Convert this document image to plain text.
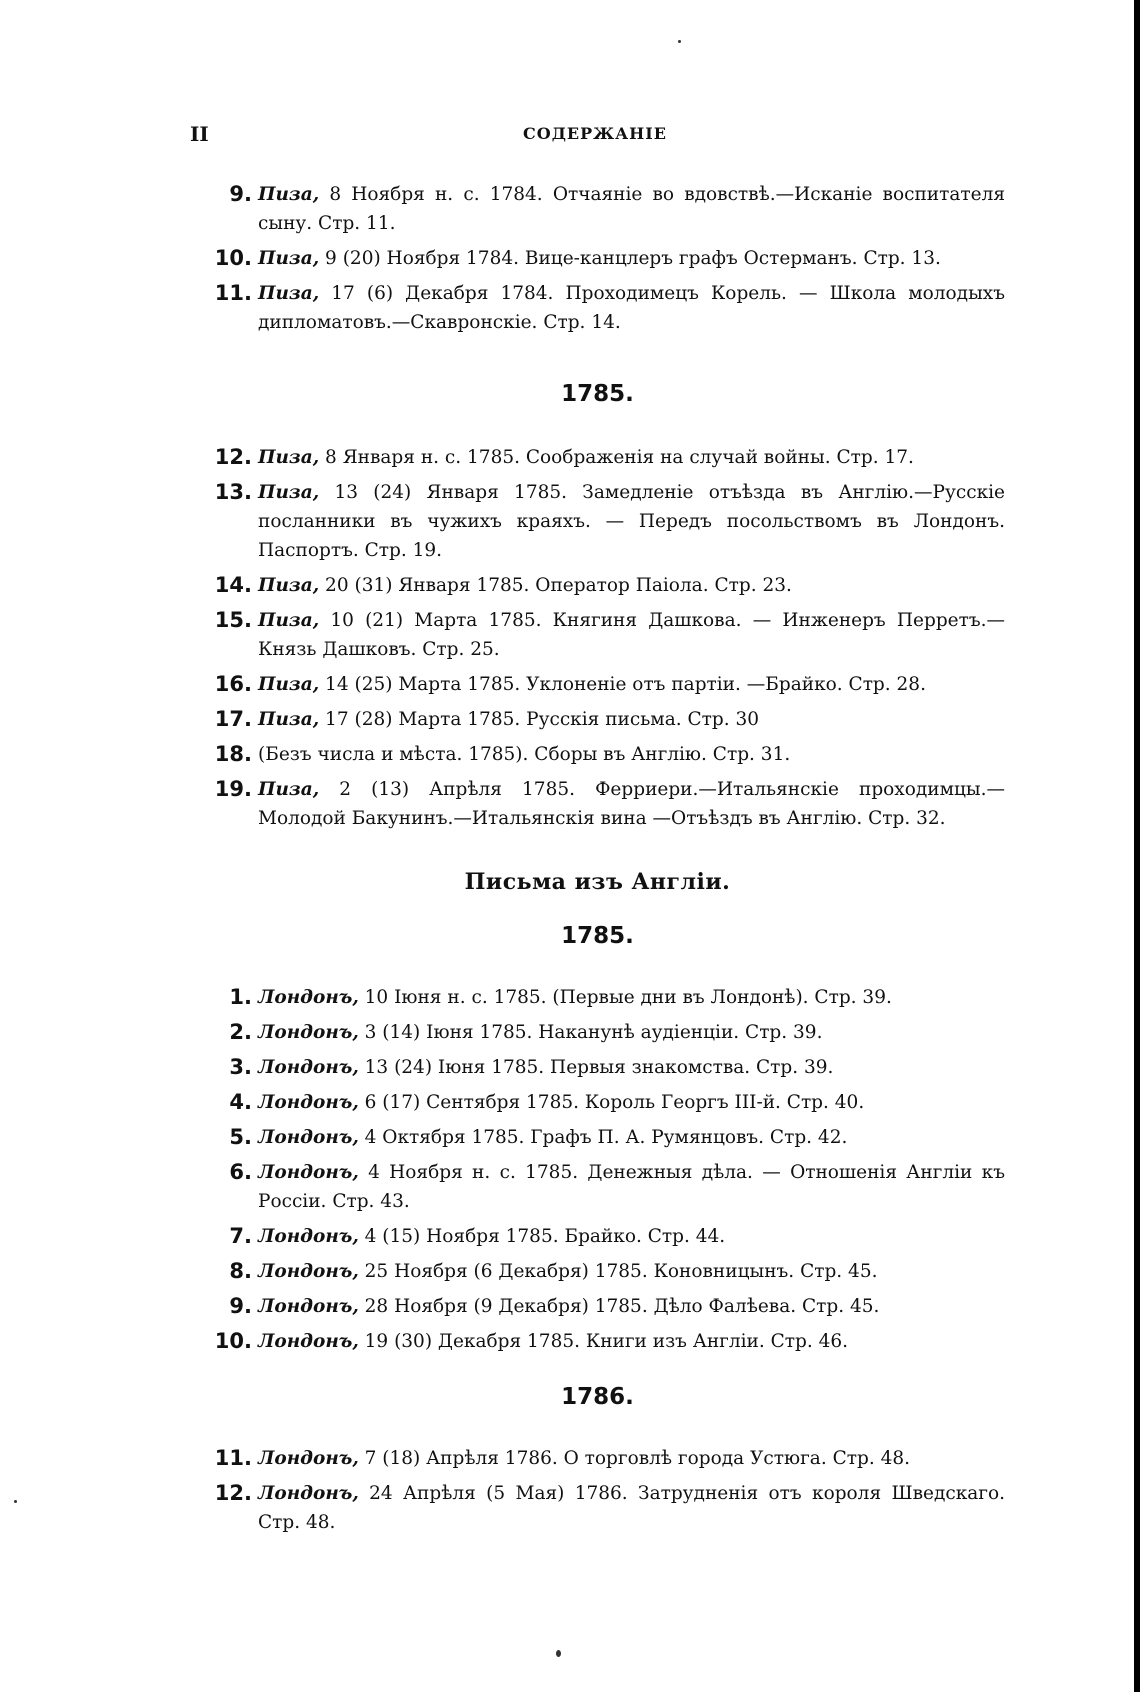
II	СОДЕРЖАНIЕ
9. Пиза, 8 Ноября н. с. 1784. Отчаянiе во вдовствѣ.—Исканiе воспитателя сыну. Стр. 11.
10. Пиза, 9 (20) Ноября 1784. Вице-канцлеръ графъ Остерманъ. Стр. 13.
11. Пиза, 17 (6) Декабря 1784. Проходимецъ Корель. — Школа молодыхъ дипломатовъ.—Скавронскiе. Стр. 14.
1785.
12. Пиза, 8 Января н. с. 1785. Соображенiя на случай войны. Стр. 17.
13. Пиза, 13 (24) Января 1785. Замедленiе отъѣзда въ Англiю.—Русскiе посланники въ чужихъ краяхъ. — Передъ посольствомъ въ Лондонъ. Паспортъ. Стр. 19.
14. Пиза, 20 (31) Января 1785. Оператор Паiола. Стр. 23.
15. Пиза, 10 (21) Марта 1785. Княгиня Дашкова. — Инженеръ Перретъ.—Князь Дашковъ. Стр. 25.
16. Пиза, 14 (25) Марта 1785. Уклоненiе отъ партiи. —Брайко. Стр. 28.
17. Пиза, 17 (28) Марта 1785. Русскiя письма. Стр. 30
18. (Безъ числа и мѣста. 1785). Сборы въ Англiю. Стр. 31.
19. Пиза, 2 (13) Апрѣля 1785. Ферриери.—Итальянскiе проходимцы.—Молодой Бакунинъ.—Итальянскiя вина —Отъѣздъ въ Англiю. Стр. 32.
Письма изъ Англiи.
1785.
1. Лондонъ, 10 Iюня н. с. 1785. (Первые дни въ Лондонѣ). Стр. 39.
2. Лондонъ, 3 (14) Iюня 1785. Наканунѣ аудiенцiи. Стр. 39.
3. Лондонъ, 13 (24) Iюня 1785. Первыя знакомства. Стр. 39.
4. Лондонъ, 6 (17) Сентября 1785. Король Георгъ III-й. Стр. 40.
5. Лондонъ, 4 Октября 1785. Графъ П. А. Румянцовъ. Стр. 42.
6. Лондонъ, 4 Ноября н. с. 1785. Денежныя дѣла. — Отношенiя Англiи къ Россiи. Стр. 43.
7. Лондонъ, 4 (15) Ноября 1785. Брайко. Стр. 44.
8. Лондонъ, 25 Ноября (6 Декабря) 1785. Коновницынъ. Стр. 45.
9. Лондонъ, 28 Ноября (9 Декабря) 1785. Дѣло Фалѣева. Стр. 45.
10. Лондонъ, 19 (30) Декабря 1785. Книги изъ Англiи. Стр. 46.
1786.
11. Лондонъ, 7 (18) Апрѣля 1786. О торговлѣ города Устюга. Стр. 48.
12. Лондонъ, 24 Апрѣля (5 Мая) 1786. Затрудненiя отъ короля Шведскаго. Стр. 48.
